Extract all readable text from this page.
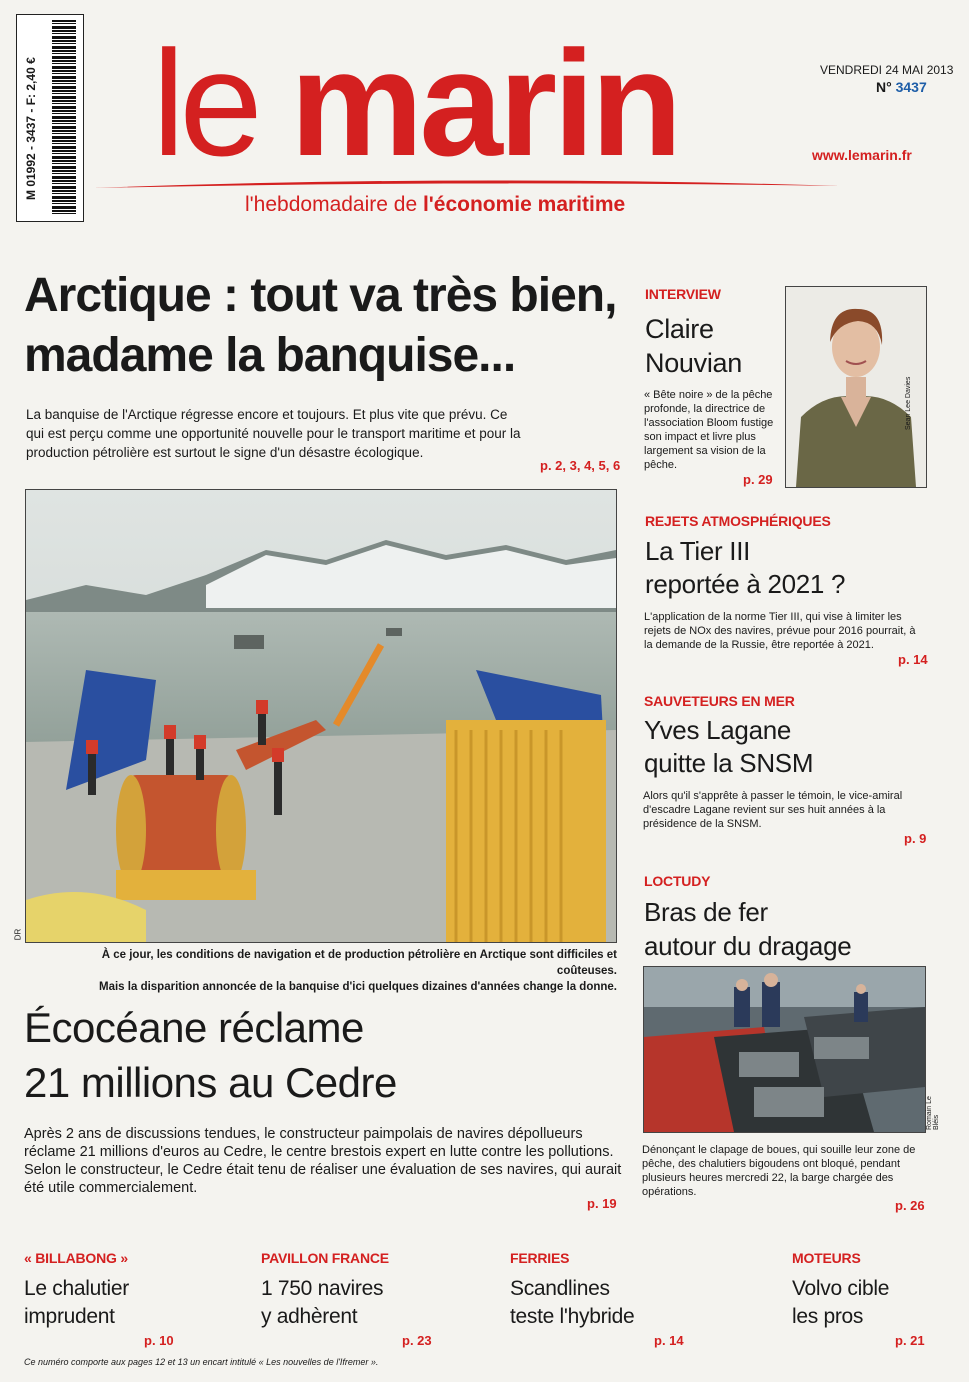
M 01992 - 3437 - F: 2,40 € le marin
l'hebdomadaire de l'économie maritime
VENDREDI 24 MAI 2013
N° 3437
www.lemarin.fr
Arctique : tout va très bien,
madame la banquise...
La banquise de l'Arctique régresse encore et toujours. Et plus vite que prévu. Ce qui est perçu comme une opportunité nouvelle pour le transport maritime et pour la production pétrolière est surtout le signe d'un désastre écologique.
p. 2, 3, 4, 5, 6
DR
À ce jour, les conditions de navigation et de production pétrolière en Arctique sont difficiles et coûteuses.
Mais la disparition annoncée de la banquise d'ici quelques dizaines d'années change la donne.
Écocéane réclame
21 millions au Cedre
Après 2 ans de discussions tendues, le constructeur paimpolais de navires dépollueurs réclame 21 millions d'euros au Cedre, le centre brestois expert en lutte contre les pollutions. Selon le constructeur, le Cedre était tenu de réaliser une évaluation de ses navires, qui aurait été utile commercialement.
p. 19
INTERVIEW
Claire
Nouvian
« Bête noire » de la pêche profonde, la directrice de l'association Bloom fustige son impact et livre plus largement sa vision de la pêche.
p. 29
Sean Lee Davies
REJETS ATMOSPHÉRIQUES
La Tier III
reportée à 2021 ?
L'application de la norme Tier III, qui vise à limiter les rejets de NOx des navires, prévue pour 2016 pourrait, à la demande de la Russie, être reportée à 2021.
p. 14
SAUVETEURS EN MER
Yves Lagane
quitte la SNSM
Alors qu'il s'apprête à passer le témoin, le vice-amiral d'escadre Lagane revient sur ses huit années à la présidence de la SNSM.
p. 9
LOCTUDY
Bras de fer
autour du dragage
Romain Le Bléis
Dénonçant le clapage de boues, qui souille leur zone de pêche, des chalutiers bigoudens ont bloqué, pendant plusieurs heures mercredi 22, la barge chargée des opérations.
p. 26
« BILLABONG »
Le chalutier
imprudent
p. 10
PAVILLON FRANCE
1 750 navires
y adhèrent
p. 23
FERRIES
Scandlines
teste l'hybride
p. 14
MOTEURS
Volvo cible
les pros
p. 21
Ce numéro comporte aux pages 12 et 13 un encart intitulé « Les nouvelles de l'Ifremer ».
